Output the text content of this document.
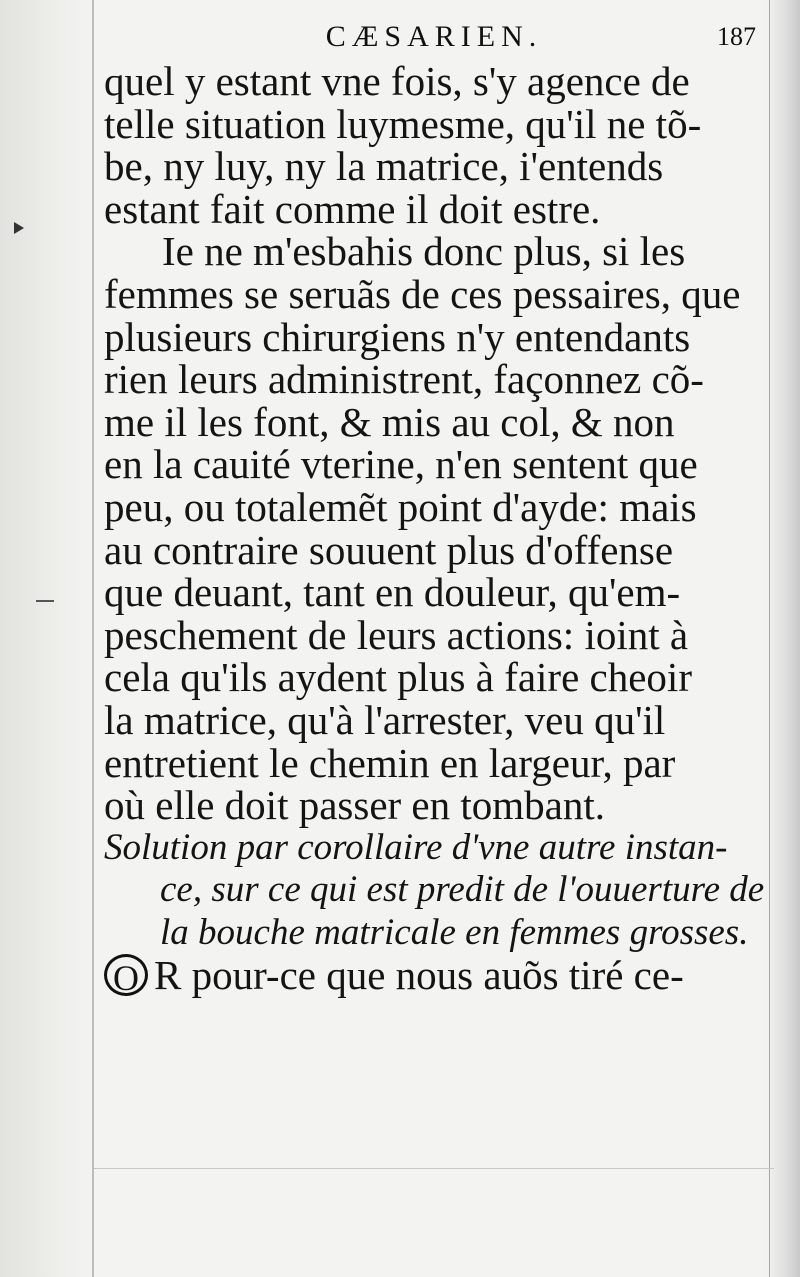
CÆSARIEN.	187
quel y estant vne fois, s'y agence de
telle situation luymesme, qu'il ne tõ-
be, ny luy, ny la matrice, i'entends
estant fait comme il doit estre.
Ie ne m'esbahis donc plus, si les
femmes se seruãs de ces pessaires, que
plusieurs chirurgiens n'y entendants
rien leurs administrent, façonnez cõ-
me il les font, & mis au col, & non
en la cauité vterine, n'en sentent que
peu, ou totalemẽt point d'ayde: mais
au contraire souuent plus d'offense
que deuant, tant en douleur, qu'em-
peschement de leurs actions: ioint à
cela qu'ils aydent plus à faire cheoir
la matrice, qu'à l'arrester, veu qu'il
entretient le chemin en largeur, par
où elle doit passer en tombant.
Solution par corollaire d'vne autre instan-
ce, sur ce qui est predit de l'ouuerture de
la bouche matricale en femmes grosses.
O R pour-ce que nous auõs tiré ce-
